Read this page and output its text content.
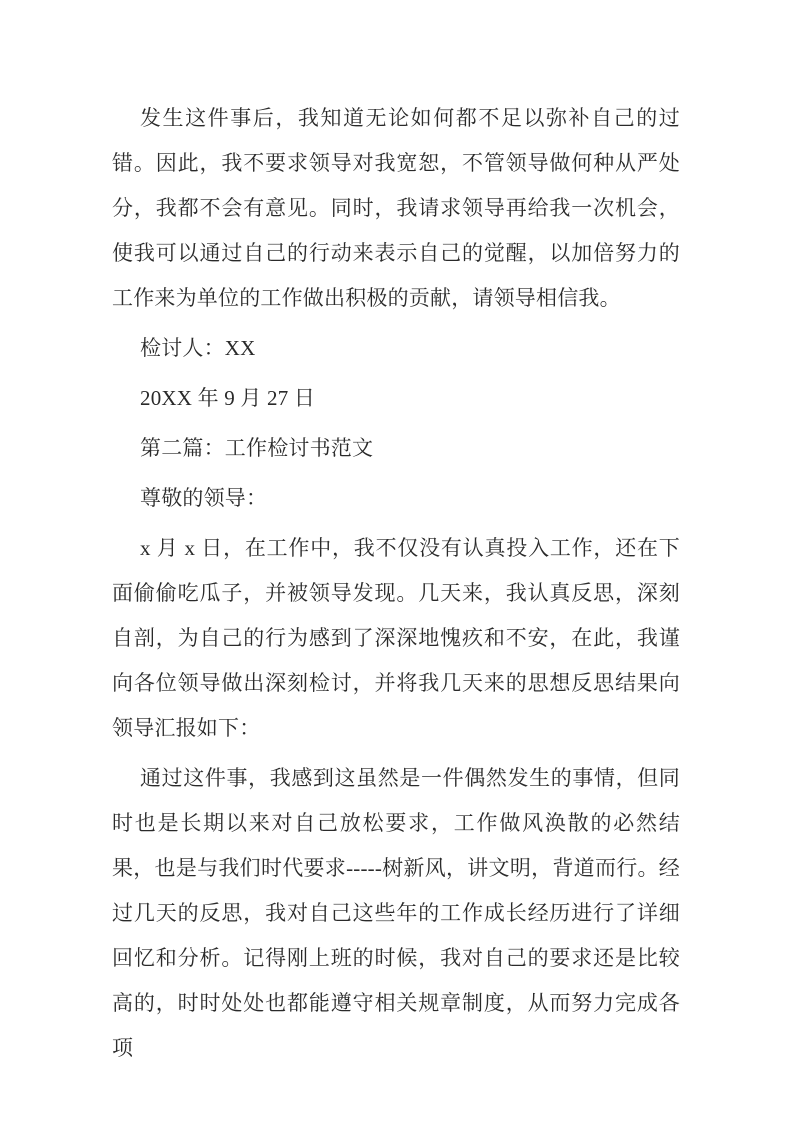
发生这件事后，我知道无论如何都不足以弥补自己的过错。因此，我不要求领导对我宽恕，不管领导做何种从严处分，我都不会有意见。同时，我请求领导再给我一次机会，使我可以通过自己的行动来表示自己的觉醒，以加倍努力的工作来为单位的工作做出积极的贡献，请领导相信我。

检讨人：XX

20XX 年 9 月 27 日

第二篇：工作检讨书范文

尊敬的领导：

x 月 x 日，在工作中，我不仅没有认真投入工作，还在下面偷偷吃瓜子，并被领导发现。几天来，我认真反思，深刻自剖，为自己的行为感到了深深地愧疚和不安，在此，我谨向各位领导做出深刻检讨，并将我几天来的思想反思结果向领导汇报如下：

通过这件事，我感到这虽然是一件偶然发生的事情，但同时也是长期以来对自己放松要求，工作做风涣散的必然结果，也是与我们时代要求-----树新风，讲文明，背道而行。经过几天的反思，我对自己这些年的工作成长经历进行了详细回忆和分析。记得刚上班的时候，我对自己的要求还是比较高的，时时处处也都能遵守相关规章制度，从而努力完成各项
